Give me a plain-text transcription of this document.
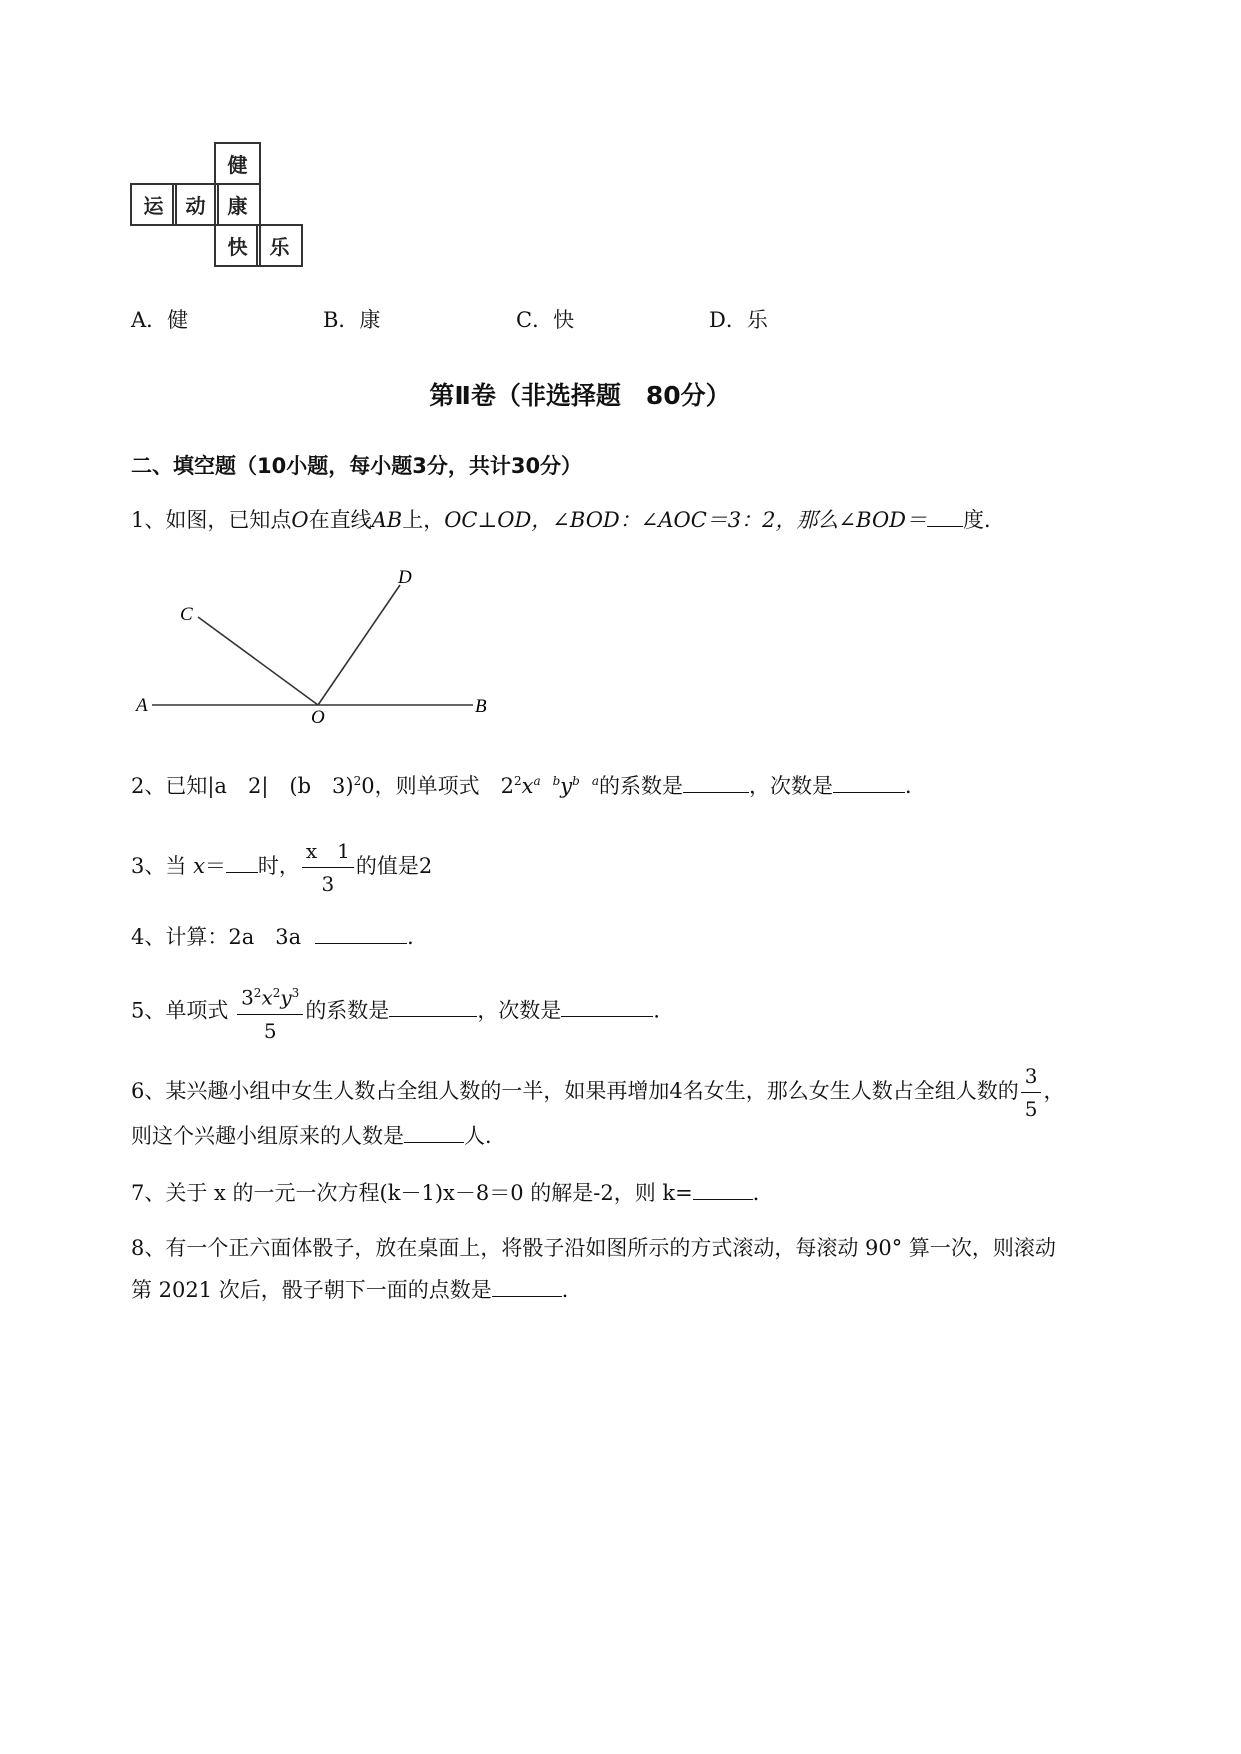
健
运	动	康
快	乐
A．健	B．康	C．快	D．乐
第Ⅱ卷（非选择题　80分）
二、填空题（10小题，每小题3分，共计30分）
1、如图，已知点O在直线AB上，OC⊥OD，∠BOD：∠AOC＝3：2，那么∠BOD＝ 度．
A	B
C
D
O
2、已知|a　2|　(b　3)$^2$0，则单项式　$2^2x^{a b}y^{b a}$的系数是	，次数是	．
3、当 x＝ 时， $\frac{x 1}{3}$ 的值是2
4、计算：2a　 3a	．
5、单项式 $\frac{3^2x^2y^3}{5}$ 的系数是	，次数是	．
6、某兴趣小组中女生人数占全组人数的一半，如果再增加4名女生，那么女生人数占全组人数的 $\frac{3}{5}$ ，
则这个兴趣小组原来的人数是	人．
7、关于 x 的一元一次方程(k－1)x－8＝0 的解是-2，则 k=	．
8、有一个正六面体骰子，放在桌面上，将骰子沿如图所示的方式滚动，每滚动 90° 算一次，则滚动
第 2021 次后，骰子朝下一面的点数是	．
